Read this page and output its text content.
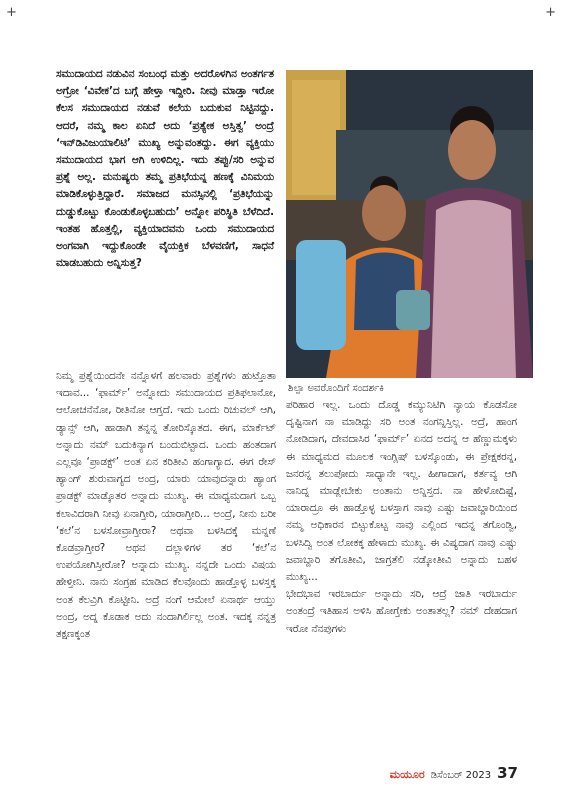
+	+

ಸಮುದಾಯದ ನಡುವಿನ ಸಂಬಂಧ ಮತ್ತು ಅದರೊಳಗಿನ ಅಂತರ್ಗತ ಅಗ್ರೋ ‘ವಿವೇಕ’ದ ಬಗ್ಗೆ ಹೇಳ್ತಾ ಇದ್ದೀರಿ. ನೀವು ಮಾಡ್ತಾ ಇರೋ ಕೆಲಸ ಸಮುದಾಯದ ನಡುವೆ ಕಲೆಯ ಬದುಕುವ ನಿಟ್ಟಿನದ್ದು. ಆದರೆ, ನಮ್ಮ ಕಾಲ ಏನಿದೆ ಅದು ‘ಪ್ರತ್ಯೇಕ ಅಸ್ತಿತ್ವ’ ಅಂದ್ರೆ ‘ಇನ್‌ಡಿವಿಜುಯಾಲಿಟಿ’ ಮುಖ್ಯ ಅನ್ನುವಂತದ್ದು. ಈಗ ವ್ಯಕ್ತಿಯು ಸಮುದಾಯದ ಭಾಗ ಆಗಿ ಉಳಿದಿಲ್ಲ. ಇದು ತಪ್ಪು/ಸರಿ ಅನ್ನುವ ಪ್ರಶ್ನೆ ಅಲ್ಲ. ಮನುಷ್ಯರು ತಮ್ಮ ಪ್ರತಿಭೆಯನ್ನ ಹಣಕ್ಕೆ ವಿನಿಮಯ ಮಾಡಿಕೊಳ್ಳುತ್ತಿದ್ದಾರೆ. ಸಮಾಜದ ಮನಸ್ಸಿನಲ್ಲಿ ‘ಪ್ರತಿಭೆಯನ್ನು ದುಡ್ಡುಕೊಟ್ಟು ಕೊಂಡುಕೊಳ್ಳಬಹುದು’ ಅನ್ನೋ ಪರಿಸ್ಥಿತಿ ಬೆಳೆದಿದೆ. ಇಂತಹ ಹೊತ್ತಲ್ಲಿ, ವ್ಯಕ್ತಿಯಾದವನು ಒಂದು ಸಮುದಾಯದ ಅಂಗವಾಗಿ ಇದ್ದುಕೊಂಡೇ ವೈಯಕ್ತಿಕ ಬೆಳವಣಿಗೆ, ಸಾಧನೆ ಮಾಡಬಹುದು ಅನ್ನಿಸುತ್ತ?

ನಿಮ್ಮ ಪ್ರಶ್ನೆಯಿಂದನೇ ನನ್ನೊಳಗೆ ಹಲವಾರು ಪ್ರಶ್ನೆಗಳು ಹುಟ್ತೊತಾ ಇದಾವ... ‘ಫಾರ್ಮ್’ ಅನ್ನೋದು ಸಮುದಾಯದ ಪ್ರತಿಫಲಾನೋ, ಆಲೋಚನೆನೋ, ರೀತಿನೋ ಆಗ್ತದೆ. ಇದು ಒಂದು ರಿಚುವಲ್ ಆಗಿ, ಡ್ಯಾನ್ಸ್ ಆಗಿ, ಹಾಡಾಗಿ ತನ್ನನ್ನ ತೋರಿಸ್ಕೊತದ. ಈಗ, ಮಾರ್ಕೆಟ್ ಅನ್ನಾದು ನಮ್ ಬದುಕಿನ್ಯಾಗ ಬಂದುಬಿಟ್ಟಾದ. ಒಂದು ಹಂತದಾಗ ಎಲ್ಲವೂ ‘ಪ್ರಾಡಕ್ಟ್’ ಅಂತ ಏನ ಕರಿತೀವಿ ಹಂಗಾಗ್ಯಾದ. ಈಗ ರೇಸ್ ಹ್ಯಾಂಗ್ ಶುರುವಾಗ್ಯದ ಅಂದ್ರ, ಯಾರು ಯಾವುದನ್ನಾರು ಹ್ಯಾಂಗ ಪ್ರಾಡಕ್ಟ್ ಮಾಡ್ಕೊತರ ಅನ್ನಾದು ಮುಖ್ಯ. ಈ ಮಾಧ್ಯಮದಾಗ ಒಬ್ಬ ಕಲಾವಿದರಾಗಿ ನೀವು ಏನಾಗ್ತೀರಿ, ಯಾರಾಗ್ತೀರಿ... ಅಂದ್ರೆ, ನೀನು ಬರೀ ‘ಕಲೆ’ನ ಬಳಸೋವ್ರಾಗ್ತೀರಾ? ಅಥವಾ ಬಳಸಿದಕ್ಕೆ ಮನ್ನಣೆ ಕೊಡವ್ರಾಗ್ತೀರ? ಅಥವ ದಲ್ಲಾಳಿಗಳ ತರ ‘ಕಲೆ’ನ ಉಪಯೋಗಿಸ್ತೀರೋ? ಅನ್ನಾದು ಮುಖ್ಯ. ನನ್ನದೇ ಒಂದು ವಿಷಯ ಹೇಳ್ತೀನಿ. ನಾನು ಸಂಗ್ರಹ ಮಾಡಿದ ಕೆಲವೊಂದು ಹಾಡ್ತೊಳ್ಳ ಬಳಸ್ತಕ್ಕ ಅಂತ ಕೆಲವ್ರಿಗಿ ಕೊಟ್ಟೀನಿ. ಅದ್ರೆ ನಂಗೆ ಆಮೇಲೆ ಏನಾರ್ಥ ಆಯ್ತು ಅಂದ್ರ, ಅದ್ನ ಕೊಡಾಕ ಅದು ನಂದಾಗಿರ್ಲಿಲ್ಲ ಅಂತ. ಇದಕ್ಕ ನನ್ನತ್ರ ತಕ್ಷಣಕ್ಕಂತ

ಶಿಲ್ಪಾ ಅವರೊಂದಿಗೆ ಸಂದರ್ಶಕಿ

ಪರಿಹಾರ ಇಲ್ಲ. ಒಂದು ದೊಡ್ಡ ಕಮ್ಯುನಿಟಿಗಿ ನ್ಯಾಯ ಕೊಡಸೋ ದೃಷ್ಟಿನಾಗ ನಾ ಮಾಡಿದ್ದು ಸರಿ ಅಂತ ನಂಗನ್ನಿಸ್ತಿಲ್ಲ. ಅದ್ರೆ, ಹಾಂಗ ನೋಡಿದಾಗ, ದೇವದಾಸಿರ ‘ಫಾರ್ಮ್’ ಏನದ ಅದನ್ನ ಆ ಹೆಣ್ಣುಮಕ್ಕಳು ಈ ಮಾಧ್ಯಮದ ಮೂಲಕ ಇಂಗ್ಲಿಷ್ ಬಳಸ್ಕೊಂಡು, ಈ ಪ್ರೇಕ್ಷಕರನ್ನ, ಜನರನ್ನ ತಲುಪೋದು ಸಾಧ್ಯಾನೇ ಇಲ್ಲ. ಹೀಗಾದಾಗ, ಕರ್ತವ್ಯ ಆಗಿ ನಾನಿದ್ನ ಮಾಡ್ಲೇಬೇಕು ಅಂತಾನು ಅನ್ನಿಸ್ತದ. ನಾ ಹೇಳೋದಿಷ್ಟೆ, ಯಾರಾದ್ರೂ ಈ ಹಾಡ್ತೊಳ್ಳ ಬಳಸ್ತಾಗ ನಾವು ಎಷ್ಟು ಜವಾಬ್ದಾರಿಯಿಂದ ನಮ್ಮ ಅಧಿಕಾರನ ಬಿಟ್ಟುಕೊಟ್ಟ ನಾವು ಎಲ್ಲಿಂದ ಇದನ್ನ ತಗೊಂಡ್ವಿ, ಬಳಸಿದ್ವಿ ಅಂತ ಲೋಕಕ್ಕ ಹೇಳಾದು ಮುಖ್ಯ. ಈ ವಿಷ್ಯದಾಗ ನಾವು ಎಷ್ಟು ಜವಾಬ್ದಾರಿ ತಗೊತೀವಿ, ಜಾಗ್ರತೆಲಿ ನಡ್ಕೋತೀವಿ ಅನ್ನಾದು ಬಹಳ ಮುಖ್ಯ...
ಭೇದಭಾವ ಇರಬಾರ್ದು ಅನ್ನಾದು ಸರಿ, ಆದ್ರೆ ಜಾತಿ ಇರಬಾರ್ದು ಅಂತಂದ್ರೆ ಇತಿಹಾಸ ಅಳಿಸಿ ಹೋಗ್ತೇಕು ಅಂತಾತಲ್ಲ? ನಮ್ ದೇಹದಾಗ ಇರೋ ನೆನಪುಗಳು

ಮಯೂರ ಡಿಸೆಂಬರ್ 2023 37
